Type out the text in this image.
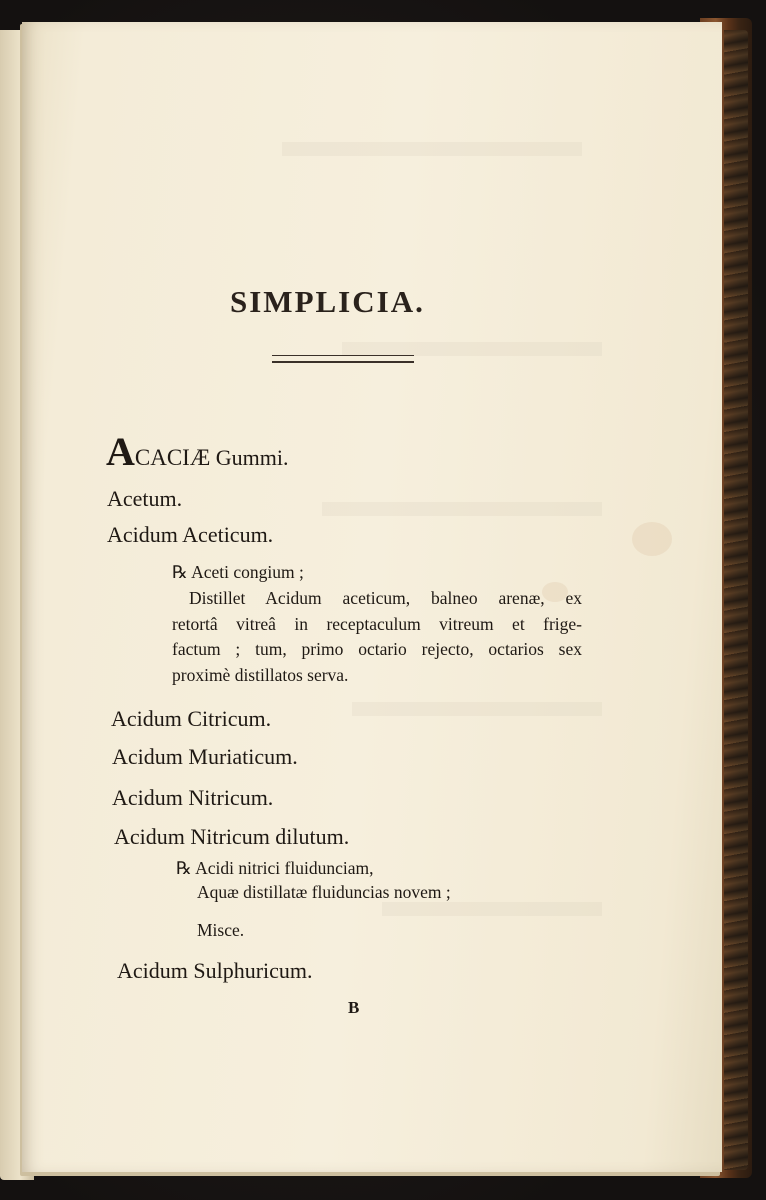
SIMPLICIA.
ACACIÆ Gummi.
Acetum.
Acidum Aceticum.
℞ Aceti congium ;
Distillet Acidum aceticum, balneo arenæ, ex
retortâ vitreâ in receptaculum vitreum et frige-
factum ; tum, primo octario rejecto, octarios sex
proximè distillatos serva.
Acidum Citricum.
Acidum Muriaticum.
Acidum Nitricum.
Acidum Nitricum dilutum.
℞ Acidi nitrici fluidunciam,
Aquæ distillatæ fluiduncias novem ;
Misce.
Acidum Sulphuricum.
B
